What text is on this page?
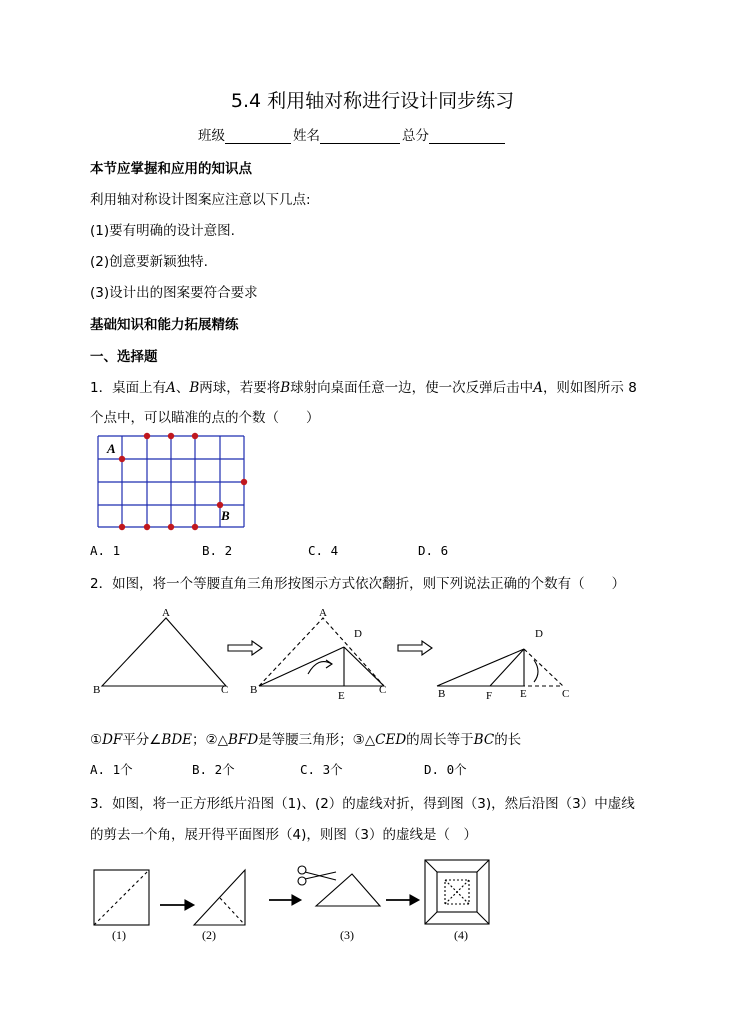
5.4 利用轴对称进行设计同步练习
班级	姓名	总分
本节应掌握和应用的知识点
利用轴对称设计图案应注意以下几点:
(1)要有明确的设计意图.
(2)创意要新颖独特.
(3)设计出的图案要符合要求
基础知识和能力拓展精练
一、选择题
1．桌面上有A、B两球，若要将B球射向桌面任意一边，使一次反弹后击中A，则如图所示 8
个点中，可以瞄准的点的个数（　　）
A
B
A. 1	B. 2	C. 4	D. 6
2．如图，将一个等腰直角三角形按图示方式依次翻折，则下列说法正确的个数有（　　）
A
B	C
A
D
B	E	C
D
B	F	E	C
①DF平分∠BDE；②△BFD是等腰三角形；③△CED的周长等于BC的长
A. 1个	B. 2个	C. 3个	D. 0个
3．如图，将一正方形纸片沿图（1)、(2）的虚线对折，得到图（3)，然后沿图（3）中虚线
的剪去一个角，展开得平面图形（4)，则图（3）的虚线是（　）
(1)	(2)	(3)	(4)
